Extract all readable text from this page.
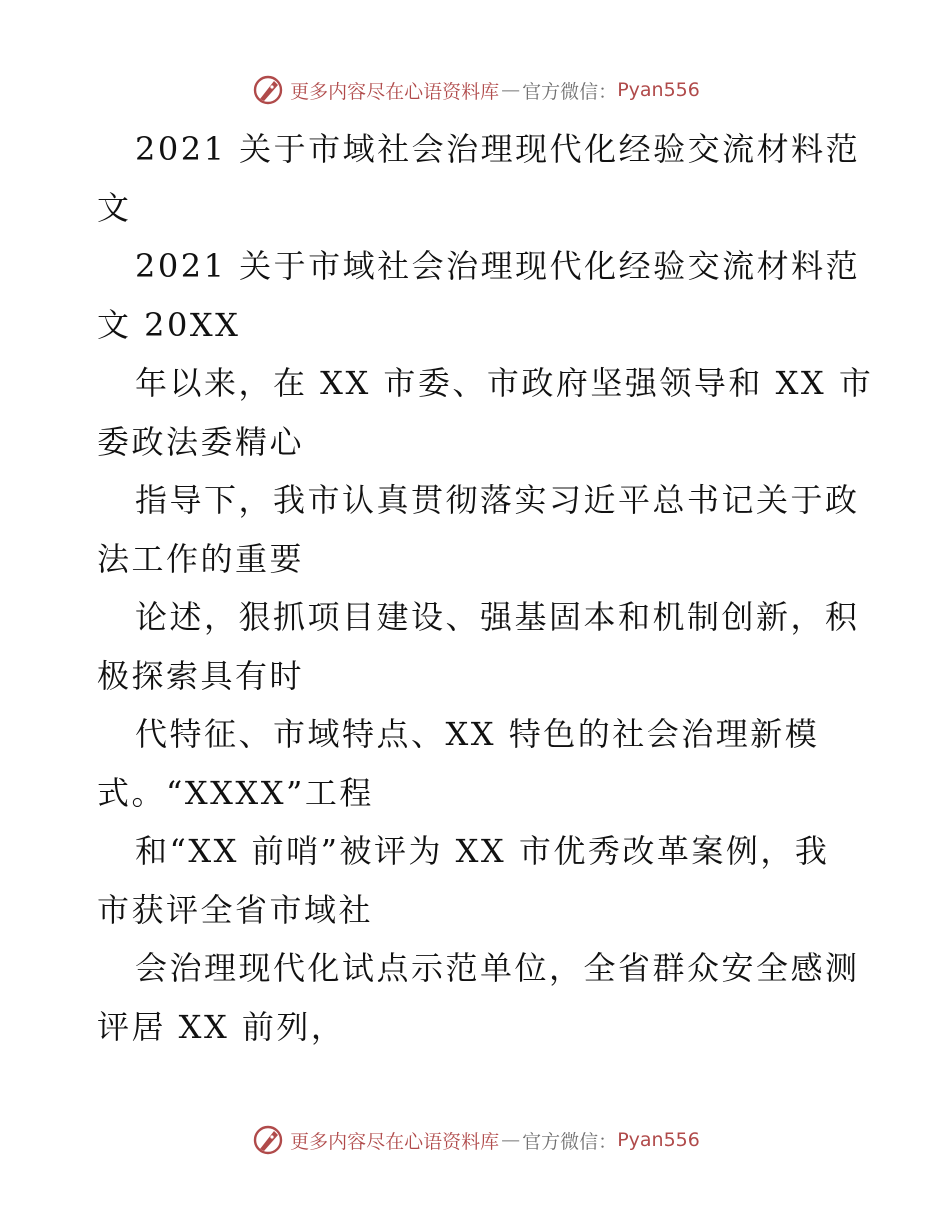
更多内容尽在心语资料库 — 官方微信： Pyan556
2021 关于市域社会治理现代化经验交流材料范
文
2021 关于市域社会治理现代化经验交流材料范
文 20XX
年以来，在 XX 市委、市政府坚强领导和 XX 市
委政法委精心
指导下，我市认真贯彻落实习近平总书记关于政
法工作的重要
论述，狠抓项目建设、强基固本和机制创新，积
极探索具有时
代特征、市域特点、XX 特色的社会治理新模
式。“XXXX”工程
和“XX 前哨”被评为 XX 市优秀改革案例，我
市获评全省市域社
会治理现代化试点示范单位，全省群众安全感测
评居 XX 前列，
更多内容尽在心语资料库 — 官方微信： Pyan556
